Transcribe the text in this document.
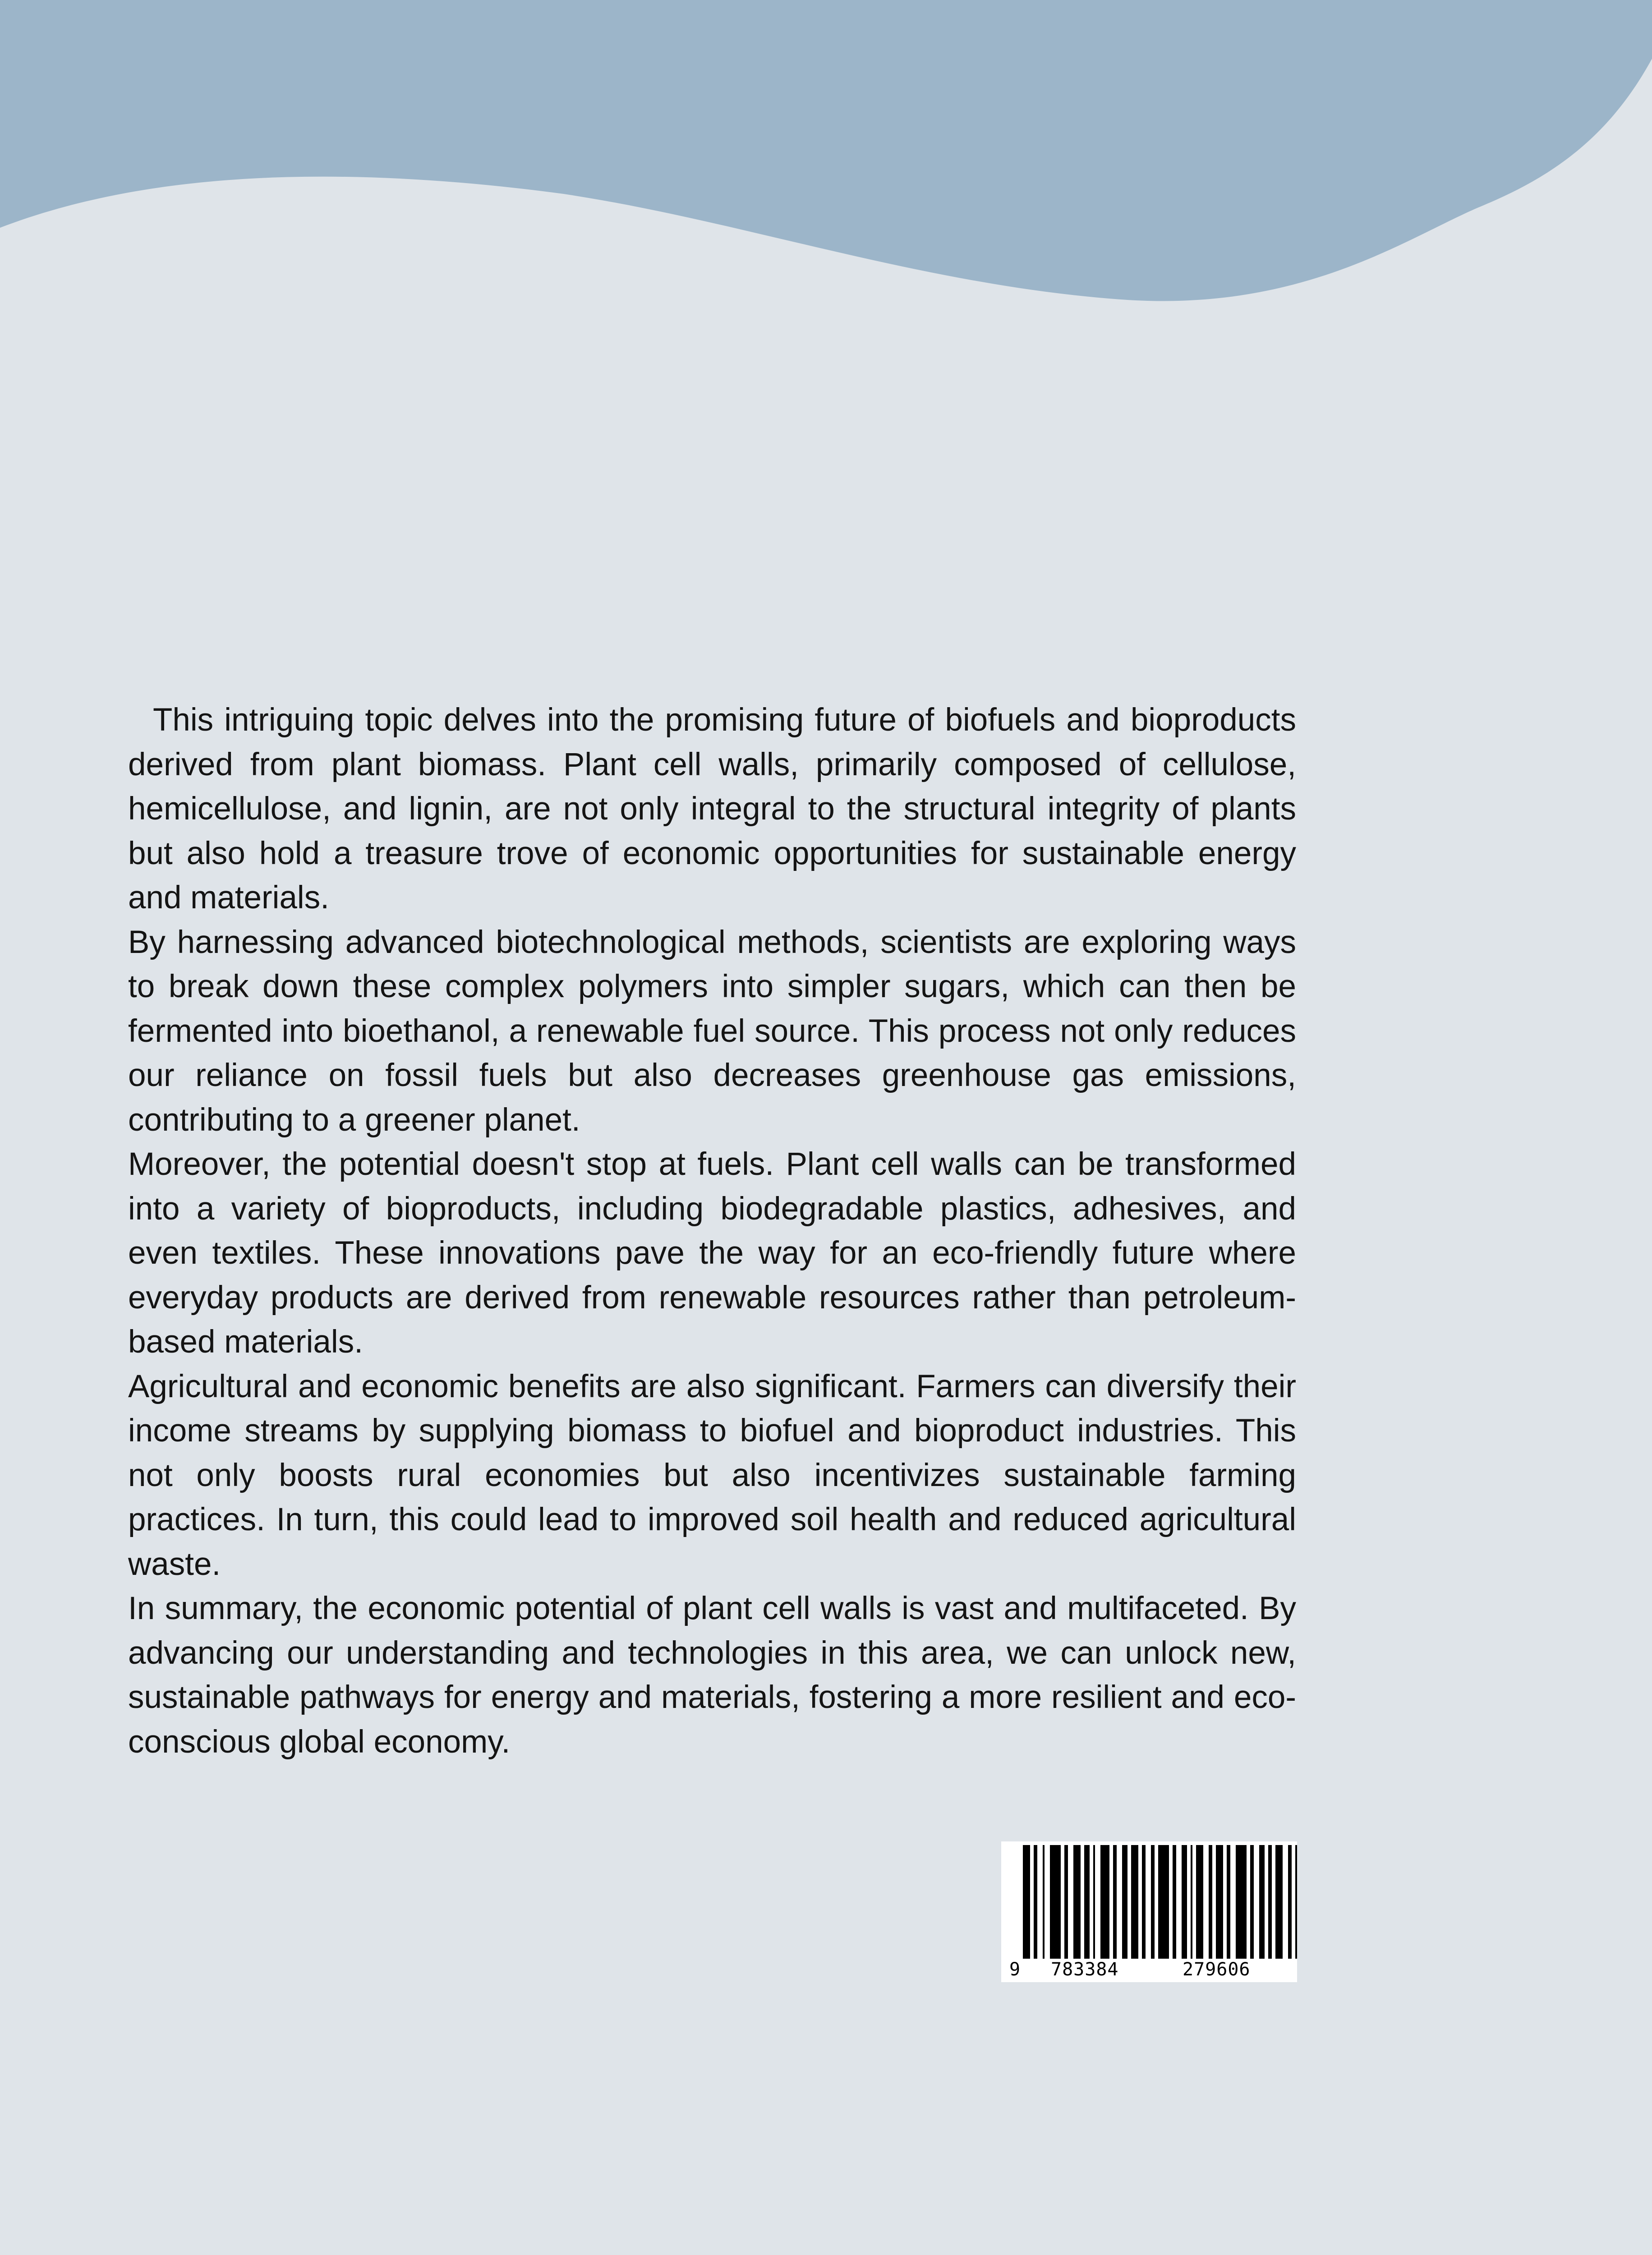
This intriguing topic delves into the promising future of biofuels and bioproducts derived from plant biomass. Plant cell walls, primarily composed of cellulose, hemicellulose, and lignin, are not only integral to the structural integrity of plants but also hold a treasure trove of economic opportunities for sustainable energy and materials.

By harnessing advanced biotechnological methods, scientists are exploring ways to break down these complex polymers into simpler sugars, which can then be fermented into bioethanol, a renewable fuel source. This process not only reduces our reliance on fossil fuels but also decreases greenhouse gas emissions, contributing to a greener planet.

Moreover, the potential doesn't stop at fuels. Plant cell walls can be transformed into a variety of bioproducts, including biodegradable plastics, adhesives, and even textiles. These innovations pave the way for an eco-friendly future where everyday products are derived from renewable resources rather than petroleum-based materials.

Agricultural and economic benefits are also significant. Farmers can diversify their income streams by supplying biomass to biofuel and bioproduct industries. This not only boosts rural economies but also incentivizes sustainable farming practices. In turn, this could lead to improved soil health and reduced agricultural waste.

In summary, the economic potential of plant cell walls is vast and multifaceted. By advancing our understanding and technologies in this area, we can unlock new, sustainable pathways for energy and materials, fostering a more resilient and eco-conscious global economy.

9 783384	279606
